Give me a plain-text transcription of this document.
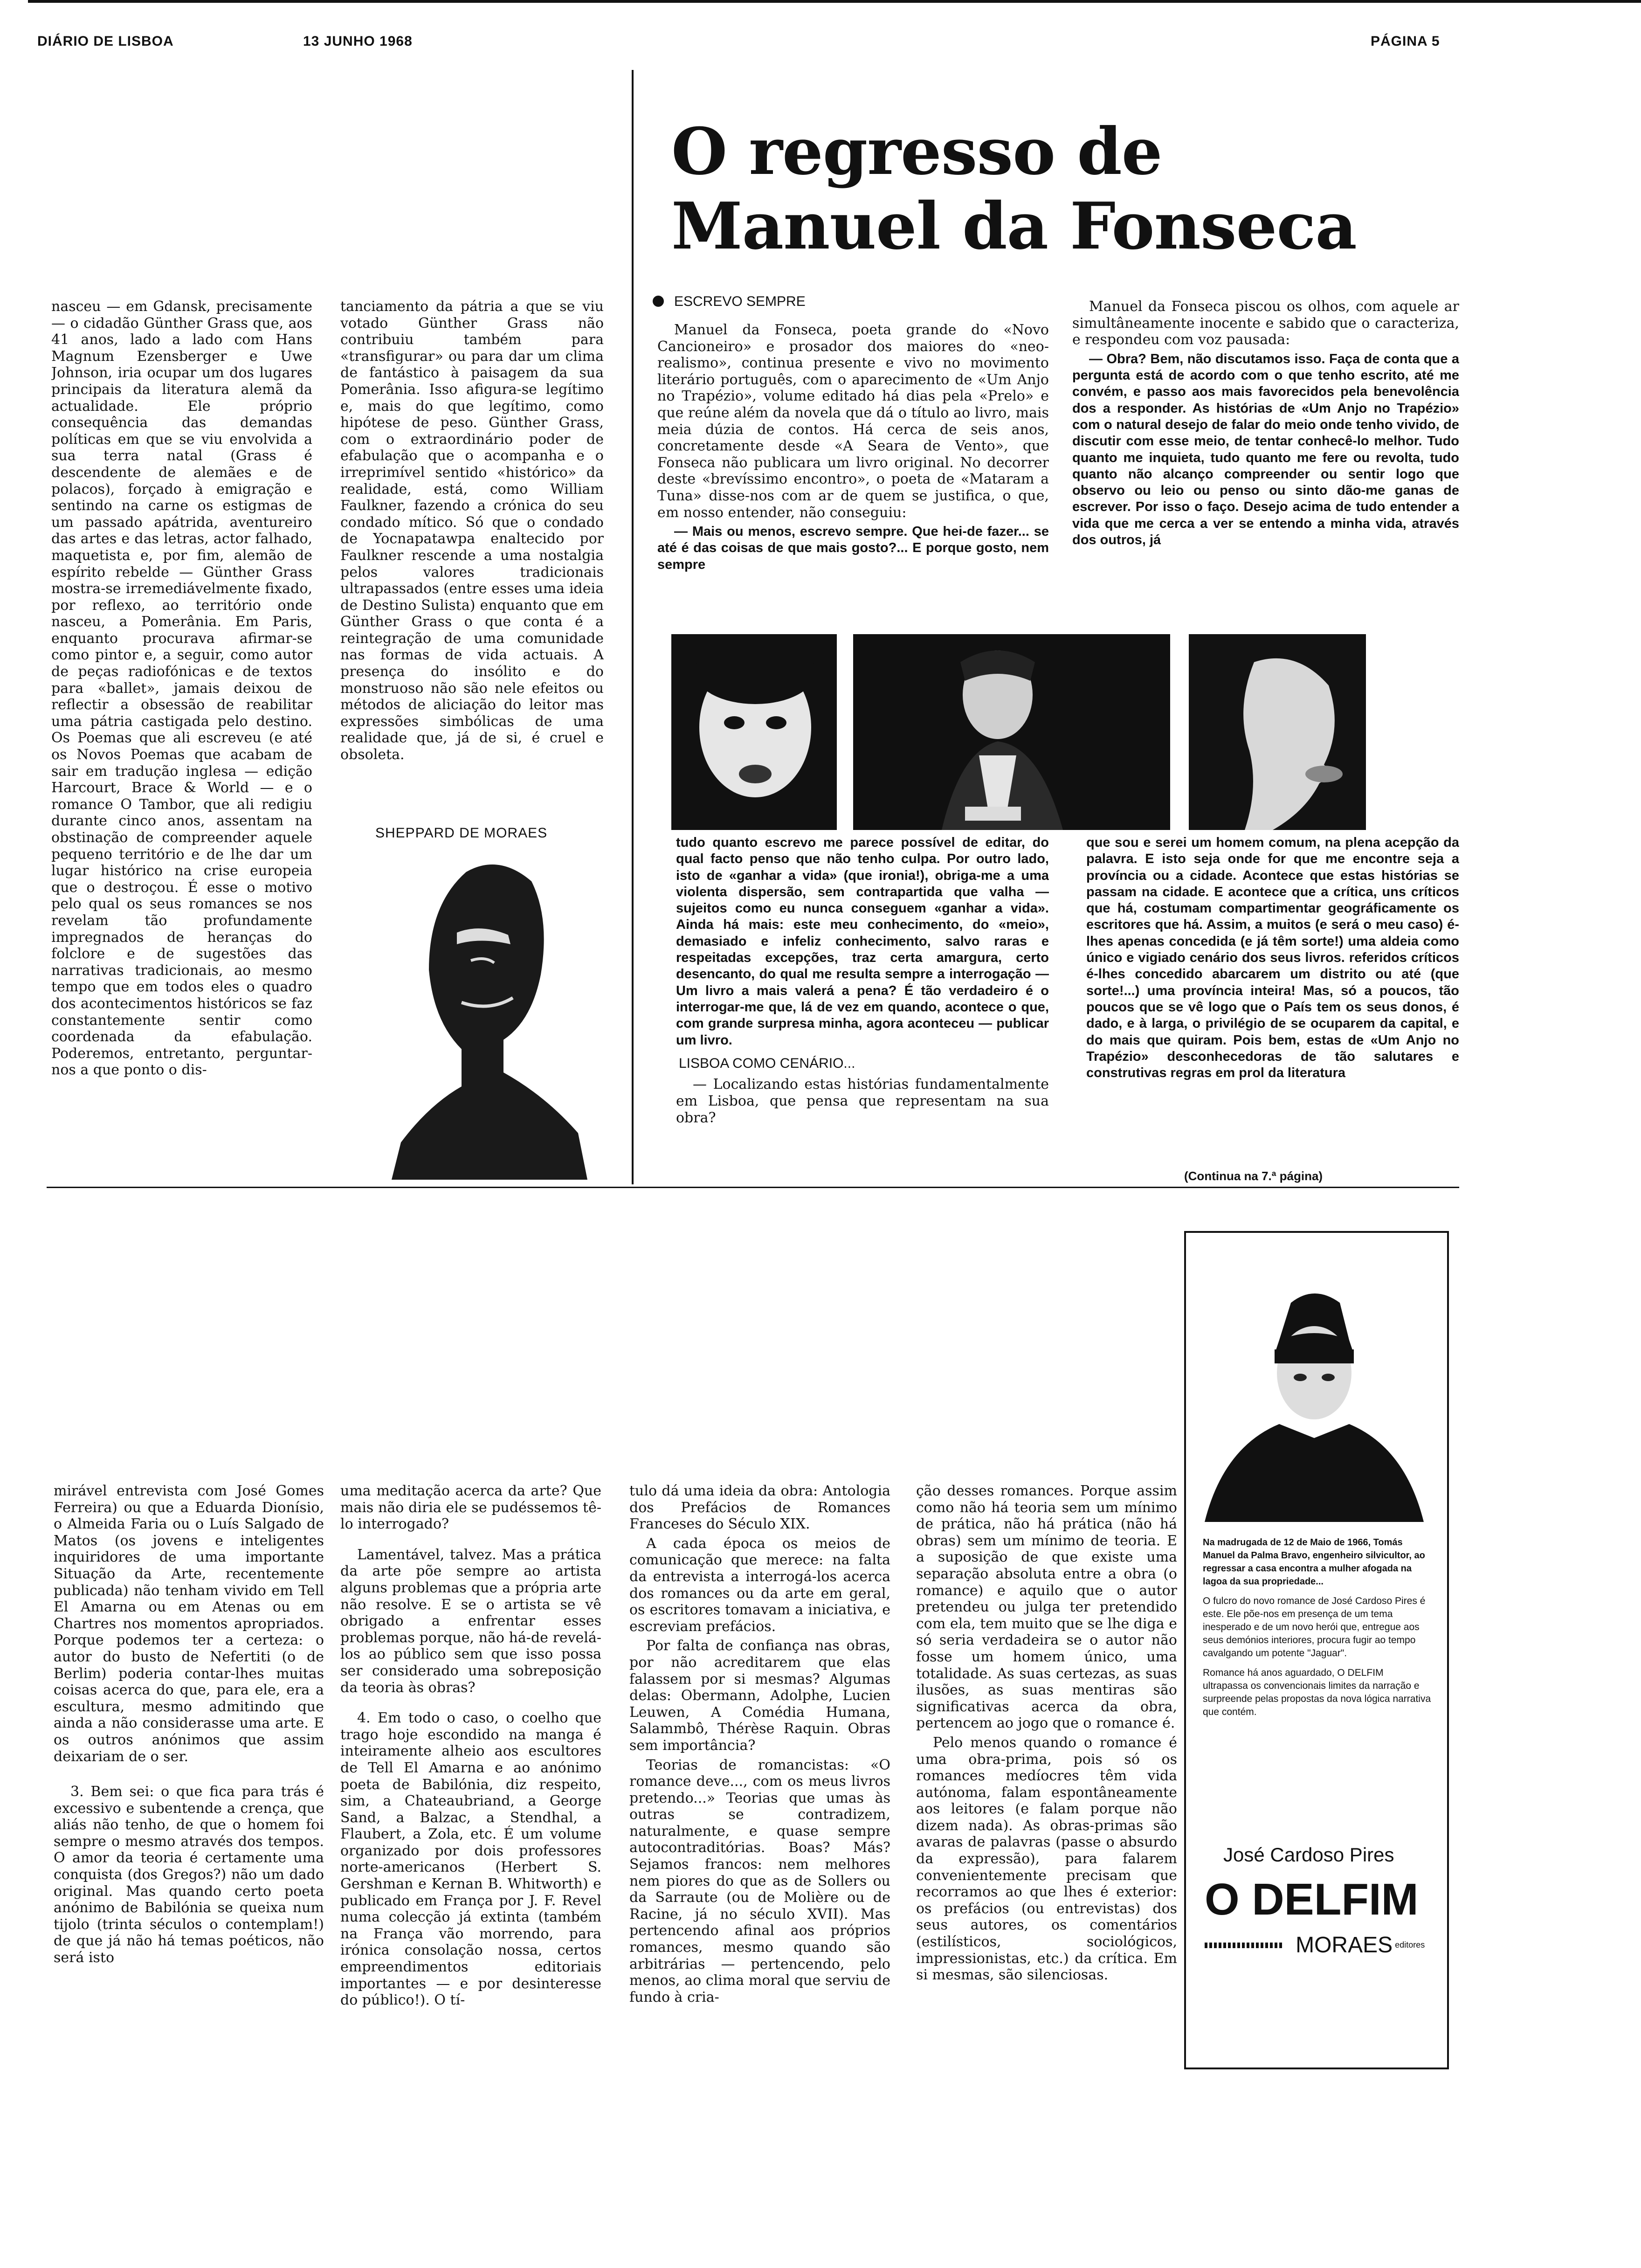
DIÁRIO DE LISBOA	13 JUNHO 1968	PÁGINA 5

nasceu — em Gdansk, precisamente — o cidadão Günther Grass que, aos 41 anos, lado a lado com Hans Magnum Ezensberger e Uwe Johnson, iria ocupar um dos lugares principais da literatura alemã da actualidade. Ele próprio consequência das demandas políticas em que se viu envolvida a sua terra natal (Grass é descendente de alemães e de polacos), forçado à emigração e sentindo na carne os estigmas de um passado apátrida, aventureiro das artes e das letras, actor falhado, maquetista e, por fim, alemão de espírito rebelde — Günther Grass mostra-se irremediávelmente fixado, por reflexo, ao território onde nasceu, a Pomerânia. Em Paris, enquanto procurava afirmar-se como pintor e, a seguir, como autor de peças radiofónicas e de textos para «ballet», jamais deixou de reflectir a obsessão de reabilitar uma pátria castigada pelo destino. Os Poemas que ali escreveu (e até os Novos Poemas que acabam de sair em tradução inglesa — edição Harcourt, Brace & World — e o romance O Tambor, que ali redigiu durante cinco anos, assentam na obstinação de compreender aquele pequeno território e de lhe dar um lugar histórico na crise europeia que o destroçou. É esse o motivo pelo qual os seus romances se nos revelam tão profundamente impregnados de heranças do folclore e de sugestões das narrativas tradicionais, ao mesmo tempo que em todos eles o quadro dos acontecimentos históricos se faz constantemente sentir como coordenada da efabulação. Poderemos, entretanto, perguntar-nos a que ponto o dis-

tanciamento da pátria a que se viu votado Günther Grass não contribuiu também para «transfigurar» ou para dar um clima de fantástico à paisagem da sua Pomerânia. Isso afigura-se legítimo e, mais do que legítimo, como hipótese de peso. Günther Grass, com o extraordinário poder de efabulação que o acompanha e o irreprimível sentido «histórico» da realidade, está, como William Faulkner, fazendo a crónica do seu condado mítico. Só que o condado de Yocnapatawpa enaltecido por Faulkner rescende a uma nostalgia pelos valores tradicionais ultrapassados (entre esses uma ideia de Destino Sulista) enquanto que em Günther Grass o que conta é a reintegração de uma comunidade nas formas de vida actuais. A presença do insólito e do monstruoso não são nele efeitos ou métodos de aliciação do leitor mas expressões simbólicas de uma realidade que, já de si, é cruel e obsoleta.

SHEPPARD DE MORAES
O regresso de
Manuel da Fonseca
ESCREVO SEMPRE

Manuel da Fonseca, poeta grande do «Novo Cancioneiro» e prosador dos maiores do «neo-realismo», continua presente e vivo no movimento literário português, com o aparecimento de «Um Anjo no Trapézio», volume editado há dias pela «Prelo» e que reúne além da novela que dá o título ao livro, mais meia dúzia de contos. Há cerca de seis anos, concretamente desde «A Seara de Vento», que Fonseca não publicara um livro original. No decorrer deste «brevíssimo encontro», o poeta de «Mataram a Tuna» disse-nos com ar de quem se justifica, o que, em nosso entender, não conseguiu:

— Mais ou menos, escrevo sempre. Que hei-de fazer... se até é das coisas de que mais gosto?... E porque gosto, nem sempre

Manuel da Fonseca piscou os olhos, com aquele ar simultâneamente inocente e sabido que o caracteriza, e respondeu com voz pausada:

— Obra? Bem, não discutamos isso. Faça de conta que a pergunta está de acordo com o que tenho escrito, até me convém, e passo aos mais favorecidos pela benevolência dos a responder. As histórias de «Um Anjo no Trapézio» com o natural desejo de falar do meio onde tenho vivido, de discutir com esse meio, de tentar conhecê-lo melhor. Tudo quanto me inquieta, tudo quanto me fere ou revolta, tudo quanto não alcanço compreender ou sentir logo que observo ou leio ou penso ou sinto dão-me ganas de escrever. Por isso o faço. Desejo acima de tudo entender a vida que me cerca a ver se entendo a minha vida, através dos outros, já

tudo quanto escrevo me parece possível de editar, do qual facto penso que não tenho culpa. Por outro lado, isto de «ganhar a vida» (que ironia!), obriga-me a uma violenta dispersão, sem contrapartida que valha — sujeitos como eu nunca conseguem «ganhar a vida». Ainda há mais: este meu conhecimento, do «meio», demasiado e infeliz conhecimento, salvo raras e respeitadas excepções, traz certa amargura, certo desencanto, do qual me resulta sempre a interrogação — Um livro a mais valerá a pena? É tão verdadeiro é o interrogar-me que, lá de vez em quando, acontece o que, com grande surpresa minha, agora aconteceu — publicar um livro.

LISBOA COMO CENÁRIO...

— Localizando estas histórias fundamentalmente em Lisboa, que pensa que representam na sua obra?

que sou e serei um homem comum, na plena acepção da palavra. E isto seja onde for que me encontre seja a província ou a cidade. Acontece que estas histórias se passam na cidade. E acontece que a crítica, uns críticos que há, costumam compartimentar geográficamente os escritores que há. Assim, a muitos (e será o meu caso) é-lhes apenas concedida (e já têm sorte!) uma aldeia como único e vigiado cenário dos seus livros. referidos críticos é-lhes concedido abarcarem um distrito ou até (que sorte!...) uma província inteira! Mas, só a poucos, tão poucos que se vê logo que o País tem os seus donos, é dado, e à larga, o privilégio de se ocuparem da capital, e do mais que quiram. Pois bem, estas de «Um Anjo no Trapézio» desconhecedoras de tão salutares e construtivas regras em prol da literatura

(Continua na 7.ª página)

mirável entrevista com José Gomes Ferreira) ou que a Eduarda Dionísio, o Almeida Faria ou o Luís Salgado de Matos (os jovens e inteligentes inquiridores de uma importante Situação da Arte, recentemente publicada) não tenham vivido em Tell El Amarna ou em Atenas ou em Chartres nos momentos apropriados. Porque podemos ter a certeza: o autor do busto de Nefertiti (o de Berlim) poderia contar-lhes muitas coisas acerca do que, para ele, era a escultura, mesmo admitindo que ainda a não considerasse uma arte. E os outros anónimos que assim deixariam de o ser.

3. Bem sei: o que fica para trás é excessivo e subentende a crença, que aliás não tenho, de que o homem foi sempre o mesmo através dos tempos. O amor da teoria é certamente uma conquista (dos Gregos?) não um dado original. Mas quando certo poeta anónimo de Babilónia se queixa num tijolo (trinta séculos o contemplam!) de que já não há temas poéticos, não será isto

uma meditação acerca da arte? Que mais não diria ele se pudéssemos tê-lo interrogado?

Lamentável, talvez. Mas a prática da arte põe sempre ao artista alguns problemas que a própria arte não resolve. E se o artista se vê obrigado a enfrentar esses problemas porque, não há-de revelá-los ao público sem que isso possa ser considerado uma sobreposição da teoria às obras?

4. Em todo o caso, o coelho que trago hoje escondido na manga é inteiramente alheio aos escultores de Tell El Amarna e ao anónimo poeta de Babilónia, diz respeito, sim, a Chateaubriand, a George Sand, a Balzac, a Stendhal, a Flaubert, a Zola, etc. É um volume organizado por dois professores norte-americanos (Herbert S. Gershman e Kernan B. Whitworth) e publicado em França por J. F. Revel numa colecção já extinta (também na França vão morrendo, para irónica consolação nossa, certos empreendimentos editoriais importantes — e por desinteresse do público!). O tí-

tulo dá uma ideia da obra: Antologia dos Prefácios de Romances Franceses do Século XIX.

A cada época os meios de comunicação que merece: na falta da entrevista a interrogá-los acerca dos romances ou da arte em geral, os escritores tomavam a iniciativa, e escreviam prefácios.

Por falta de confiança nas obras, por não acreditarem que elas falassem por si mesmas? Algumas delas: Obermann, Adolphe, Lucien Leuwen, A Comédia Humana, Salammbô, Thérèse Raquin. Obras sem importância?

Teorias de romancistas: «O romance deve..., com os meus livros pretendo...» Teorias que umas às outras se contradizem, naturalmente, e quase sempre autocontraditórias. Boas? Más? Sejamos francos: nem melhores nem piores do que as de Sollers ou da Sarraute (ou de Molière ou de Racine, já no século XVII). Mas pertencendo afinal aos próprios romances, mesmo quando são arbitrárias — pertencendo, pelo menos, ao clima moral que serviu de fundo à cria-

ção desses romances. Porque assim como não há teoria sem um mínimo de prática, não há prática (não há obras) sem um mínimo de teoria. E a suposição de que existe uma separação absoluta entre a obra (o romance) e aquilo que o autor pretendeu ou julga ter pretendido com ela, tem muito que se lhe diga e só seria verdadeira se o autor não fosse um homem único, uma totalidade. As suas certezas, as suas ilusões, as suas mentiras são significativas acerca da obra, pertencem ao jogo que o romance é.

Pelo menos quando o romance é uma obra-prima, pois só os romances medíocres têm vida autónoma, falam espontâneamente aos leitores (e falam porque não dizem nada). As obras-primas são avaras de palavras (passe o absurdo da expressão), para falarem convenientemente precisam que recorramos ao que lhes é exterior: os prefácios (ou entrevistas) dos seus autores, os comentários (estilísticos, sociológicos, impressionistas, etc.) da crítica. Em si mesmas, são silenciosas.

Na madrugada de 12 de Maio de 1966, Tomás Manuel da Palma Bravo, engenheiro silvicultor, ao regressar a casa encontra a mulher afogada na lagoa da sua propriedade...

O fulcro do novo romance de José Cardoso Pires é este. Ele põe-nos em presença de um tema inesperado e de um novo herói que, entregue aos seus demónios interiores, procura fugir ao tempo cavalgando um potente "Jaguar".

Romance há anos aguardado, O DELFIM ultrapassa os convencionais limites da narração e surpreende pelas propostas da nova lógica narrativa que contém.

José Cardoso Pires
O DELFIM
MORAES editores
